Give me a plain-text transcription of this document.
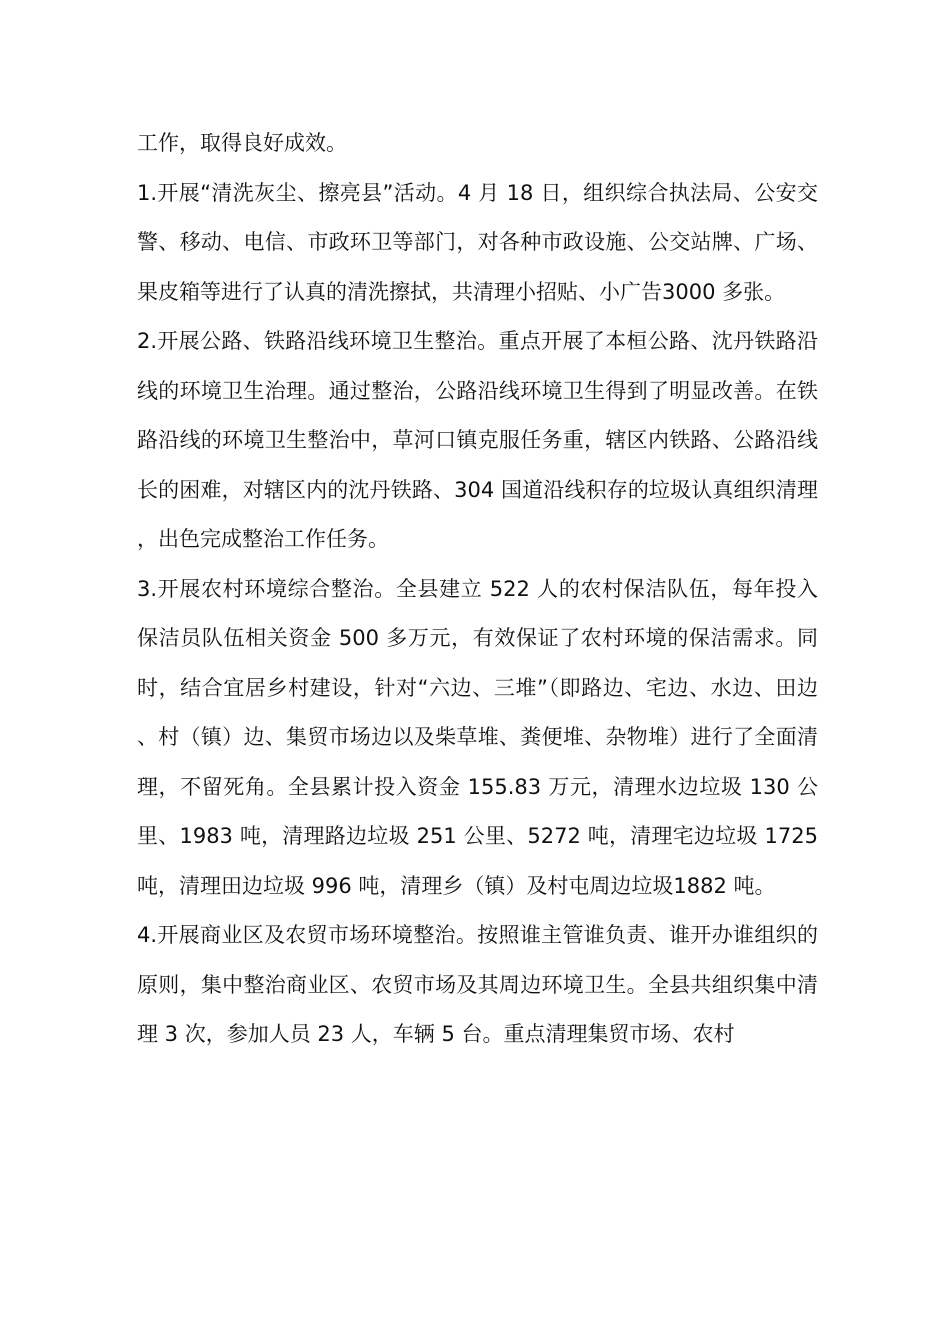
工作，取得良好成效。

1.开展“清洗灰尘、擦亮县”活动。4 月 18 日，组织综合执法局、公安交警、移动、电信、市政环卫等部门，对各种市政设施、公交站牌、广场、果皮箱等进行了认真的清洗擦拭，共清理小招贴、小广告3000 多张。

2.开展公路、铁路沿线环境卫生整治。重点开展了本桓公路、沈丹铁路沿线的环境卫生治理。通过整治，公路沿线环境卫生得到了明显改善。在铁路沿线的环境卫生整治中，草河口镇克服任务重，辖区内铁路、公路沿线长的困难，对辖区内的沈丹铁路、304 国道沿线积存的垃圾认真组织清理，出色完成整治工作任务。

3.开展农村环境综合整治。全县建立 522 人的农村保洁队伍，每年投入保洁员队伍相关资金 500 多万元，有效保证了农村环境的保洁需求。同时，结合宜居乡村建设，针对“六边、三堆”（即路边、宅边、水边、田边、村（镇）边、集贸市场边以及柴草堆、粪便堆、杂物堆）进行了全面清理，不留死角。全县累计投入资金 155.83 万元，清理水边垃圾 130 公里、1983 吨，清理路边垃圾 251 公里、5272 吨，清理宅边垃圾 1725 吨，清理田边垃圾 996 吨，清理乡（镇）及村屯周边垃圾1882 吨。

4.开展商业区及农贸市场环境整治。按照谁主管谁负责、谁开办谁组织的原则，集中整治商业区、农贸市场及其周边环境卫生。全县共组织集中清理 3 次，参加人员 23 人，车辆 5 台。重点清理集贸市场、农村
